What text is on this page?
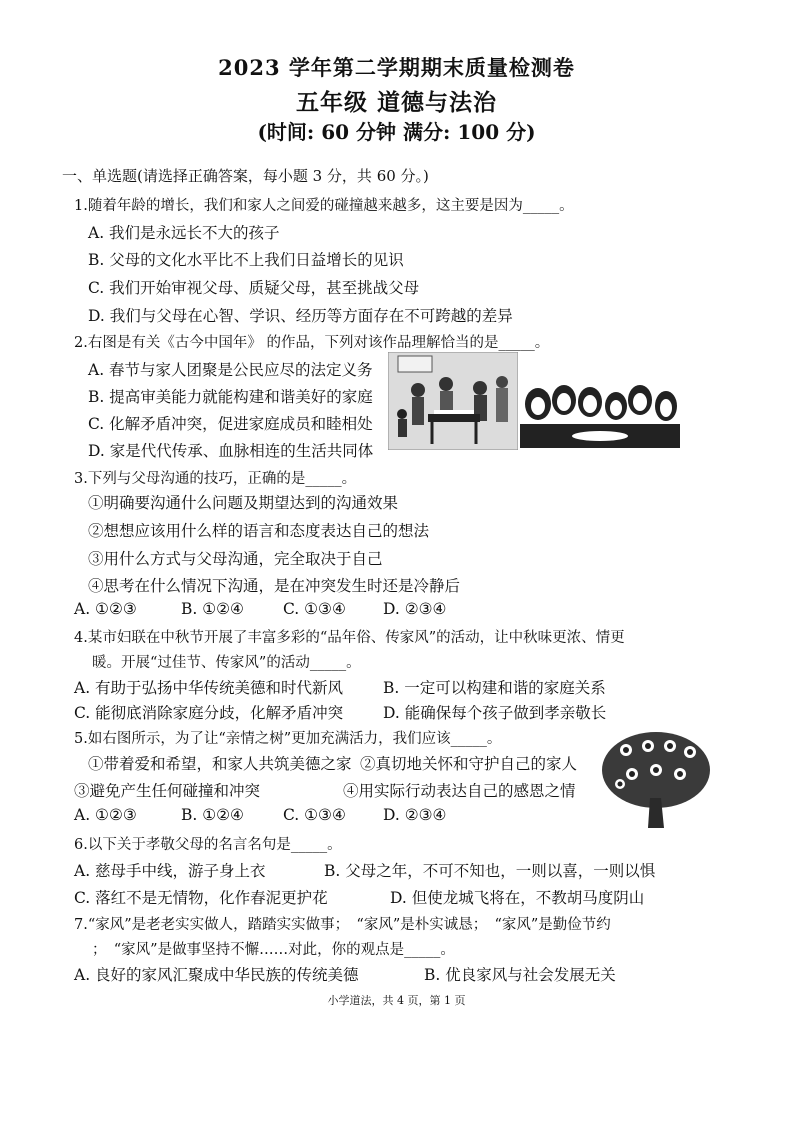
2023 学年第二学期期末质量检测卷
五年级 道德与法治
(时间: 60 分钟 满分: 100 分)
一、单选题(请选择正确答案，每小题 3 分，共 60 分。)
1.随着年龄的增长，我们和家人之间爱的碰撞越来越多，这主要是因为_____。
A. 我们是永远长不大的孩子
B. 父母的文化水平比不上我们日益增长的见识
C. 我们开始审视父母、质疑父母，甚至挑战父母
D. 我们与父母在心智、学识、经历等方面存在不可跨越的差异
2.右图是有关《古今中国年》 的作品，下列对该作品理解恰当的是_____。
A. 春节与家人团聚是公民应尽的法定义务
B. 提高审美能力就能构建和谐美好的家庭
C. 化解矛盾冲突，促进家庭成员和睦相处
D. 家是代代传承、血脉相连的生活共同体
3.下列与父母沟通的技巧，正确的是_____。
①明确要沟通什么问题及期望达到的沟通效果
②想想应该用什么样的语言和态度表达自己的想法
③用什么方式与父母沟通，完全取决于自己
④思考在什么情况下沟通，是在冲突发生时还是冷静后
A. ①②③	B. ①②④	C. ①③④ D. ②③④
4.某市妇联在中秋节开展了丰富多彩的“品年俗、传家风”的活动，让中秋味更浓、情更
暖。开展“过佳节、传家风”的活动_____。
A. 有助于弘扬中华传统美德和时代新风	B. 一定可以构建和谐的家庭关系
C. 能彻底消除家庭分歧，化解矛盾冲突	D. 能确保每个孩子做到孝亲敬长
5.如右图所示，为了让“亲情之树”更加充满活力，我们应该_____。
①带着爱和希望，和家人共筑美德之家 ②真切地关怀和守护自己的家人
③避免产生任何碰撞和冲突	④用实际行动表达自己的感恩之情
A. ①②③	B. ①②④	C. ①③④ D. ②③④
6.以下关于孝敬父母的名言名句是_____。
A. 慈母手中线，游子身上衣	B. 父母之年，不可不知也，一则以喜，一则以惧
C. 落红不是无情物，化作春泥更护花	D. 但使龙城飞将在，不教胡马度阴山
7.“家风”是老老实实做人，踏踏实实做事；　“家风”是朴实诚恳；　“家风”是勤俭节约
；　“家风”是做事坚持不懈……对此，你的观点是_____。
A. 良好的家风汇聚成中华民族的传统美德	B. 优良家风与社会发展无关
小学道法，共 4 页，第 1 页
